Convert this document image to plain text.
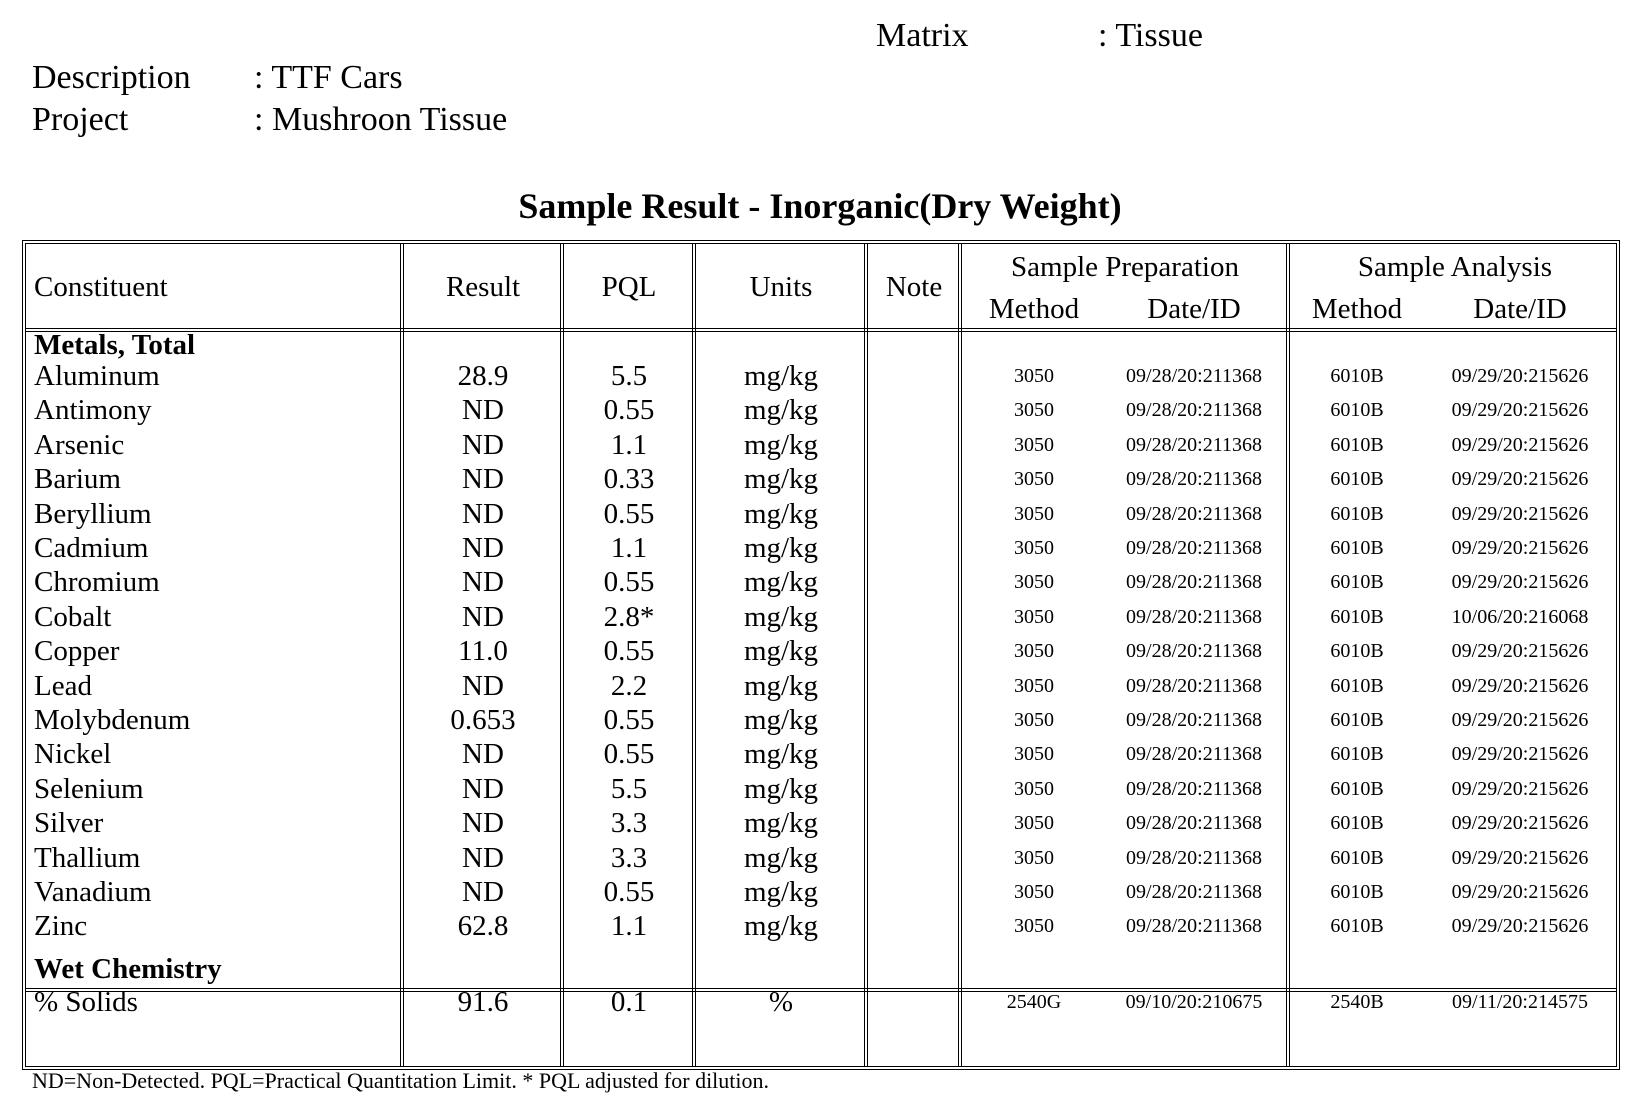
Matrix	: Tissue
Description : TTF Cars
Project	: Mushroon Tissue
Sample Result - Inorganic(Dry Weight)
Constituent	Result	PQL	Units	Note
Sample Preparation	Sample Analysis
Method	Date/ID	Method	Date/ID
Metals, Total
Wet Chemistry
Aluminum	28.9	5.5	mg/kg	3050	09/28/20:211368	6010B	09/29/20:215626
Antimony	ND	0.55	mg/kg	3050	09/28/20:211368	6010B	09/29/20:215626
Arsenic	ND	1.1	mg/kg	3050	09/28/20:211368	6010B	09/29/20:215626
Barium	ND	0.33	mg/kg	3050	09/28/20:211368	6010B	09/29/20:215626
Beryllium	ND	0.55	mg/kg	3050	09/28/20:211368	6010B	09/29/20:215626
Cadmium	ND	1.1	mg/kg	3050	09/28/20:211368	6010B	09/29/20:215626
Chromium	ND	0.55	mg/kg	3050	09/28/20:211368	6010B	09/29/20:215626
Cobalt	ND	2.8*	mg/kg	3050	09/28/20:211368	6010B	10/06/20:216068
Copper	11.0	0.55	mg/kg	3050	09/28/20:211368	6010B	09/29/20:215626
Lead	ND	2.2	mg/kg	3050	09/28/20:211368	6010B	09/29/20:215626
Molybdenum	0.653	0.55	mg/kg	3050	09/28/20:211368	6010B	09/29/20:215626
Nickel	ND	0.55	mg/kg	3050	09/28/20:211368	6010B	09/29/20:215626
Selenium	ND	5.5	mg/kg	3050	09/28/20:211368	6010B	09/29/20:215626
Silver	ND	3.3	mg/kg	3050	09/28/20:211368	6010B	09/29/20:215626
Thallium	ND	3.3	mg/kg	3050	09/28/20:211368	6010B	09/29/20:215626
Vanadium	ND	0.55	mg/kg	3050	09/28/20:211368	6010B	09/29/20:215626
Zinc	62.8	1.1	mg/kg	3050	09/28/20:211368	6010B	09/29/20:215626
% Solids	91.6	0.1	%	2540G	09/10/20:210675	2540B	09/11/20:214575
ND=Non-Detected. PQL=Practical Quantitation Limit. * PQL adjusted for dilution.
